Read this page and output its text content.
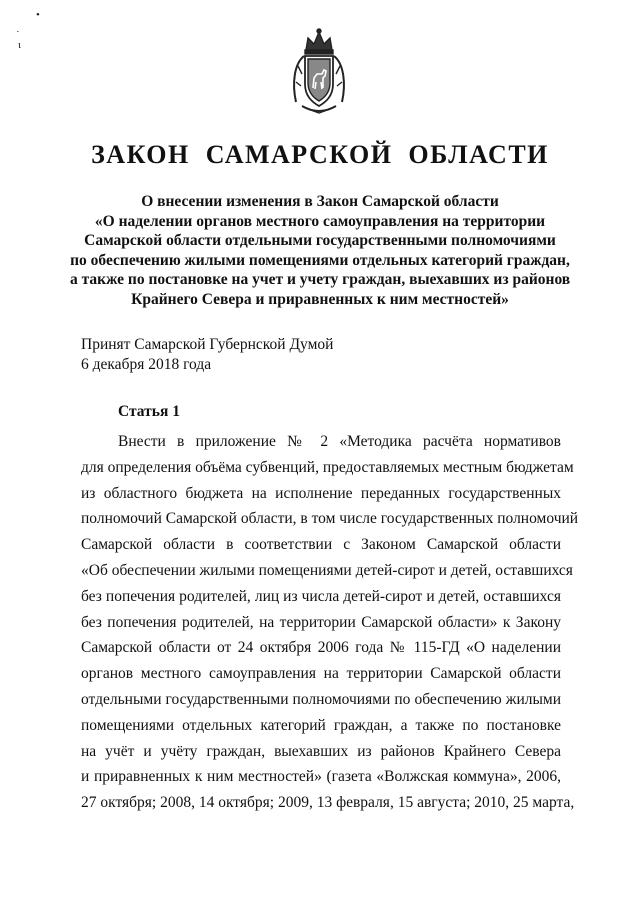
•
˙
ι
ЗАКОН САМАРСКОЙ ОБЛАСТИ
О внесении изменения в Закон Самарской области
«О наделении органов местного самоуправления на территории
Самарской области отдельными государственными полномочиями
по обеспечению жилыми помещениями отдельных категорий граждан,
а также по постановке на учет и учету граждан, выехавших из районов
Крайнего Севера и приравненных к ним местностей»
Принят Самарской Губернской Думой
6 декабря 2018 года
Статья 1
Внести в приложение № 2 «Методика расчёта нормативов
для определения объёма субвенций, предоставляемых местным бюджетам
из областного бюджета на исполнение переданных государственных
полномочий Самарской области, в том числе государственных полномочий
Самарской области в соответствии с Законом Самарской области
«Об обеспечении жилыми помещениями детей-сирот и детей, оставшихся
без попечения родителей, лиц из числа детей-сирот и детей, оставшихся
без попечения родителей, на территории Самарской области» к Закону
Самарской области от 24 октября 2006 года № 115-ГД «О наделении
органов местного самоуправления на территории Самарской области
отдельными государственными полномочиями по обеспечению жилыми
помещениями отдельных категорий граждан, а также по постановке
на учёт и учёту граждан, выехавших из районов Крайнего Севера
и приравненных к ним местностей» (газета «Волжская коммуна», 2006,
27 октября; 2008, 14 октября; 2009, 13 февраля, 15 августа; 2010, 25 марта,
